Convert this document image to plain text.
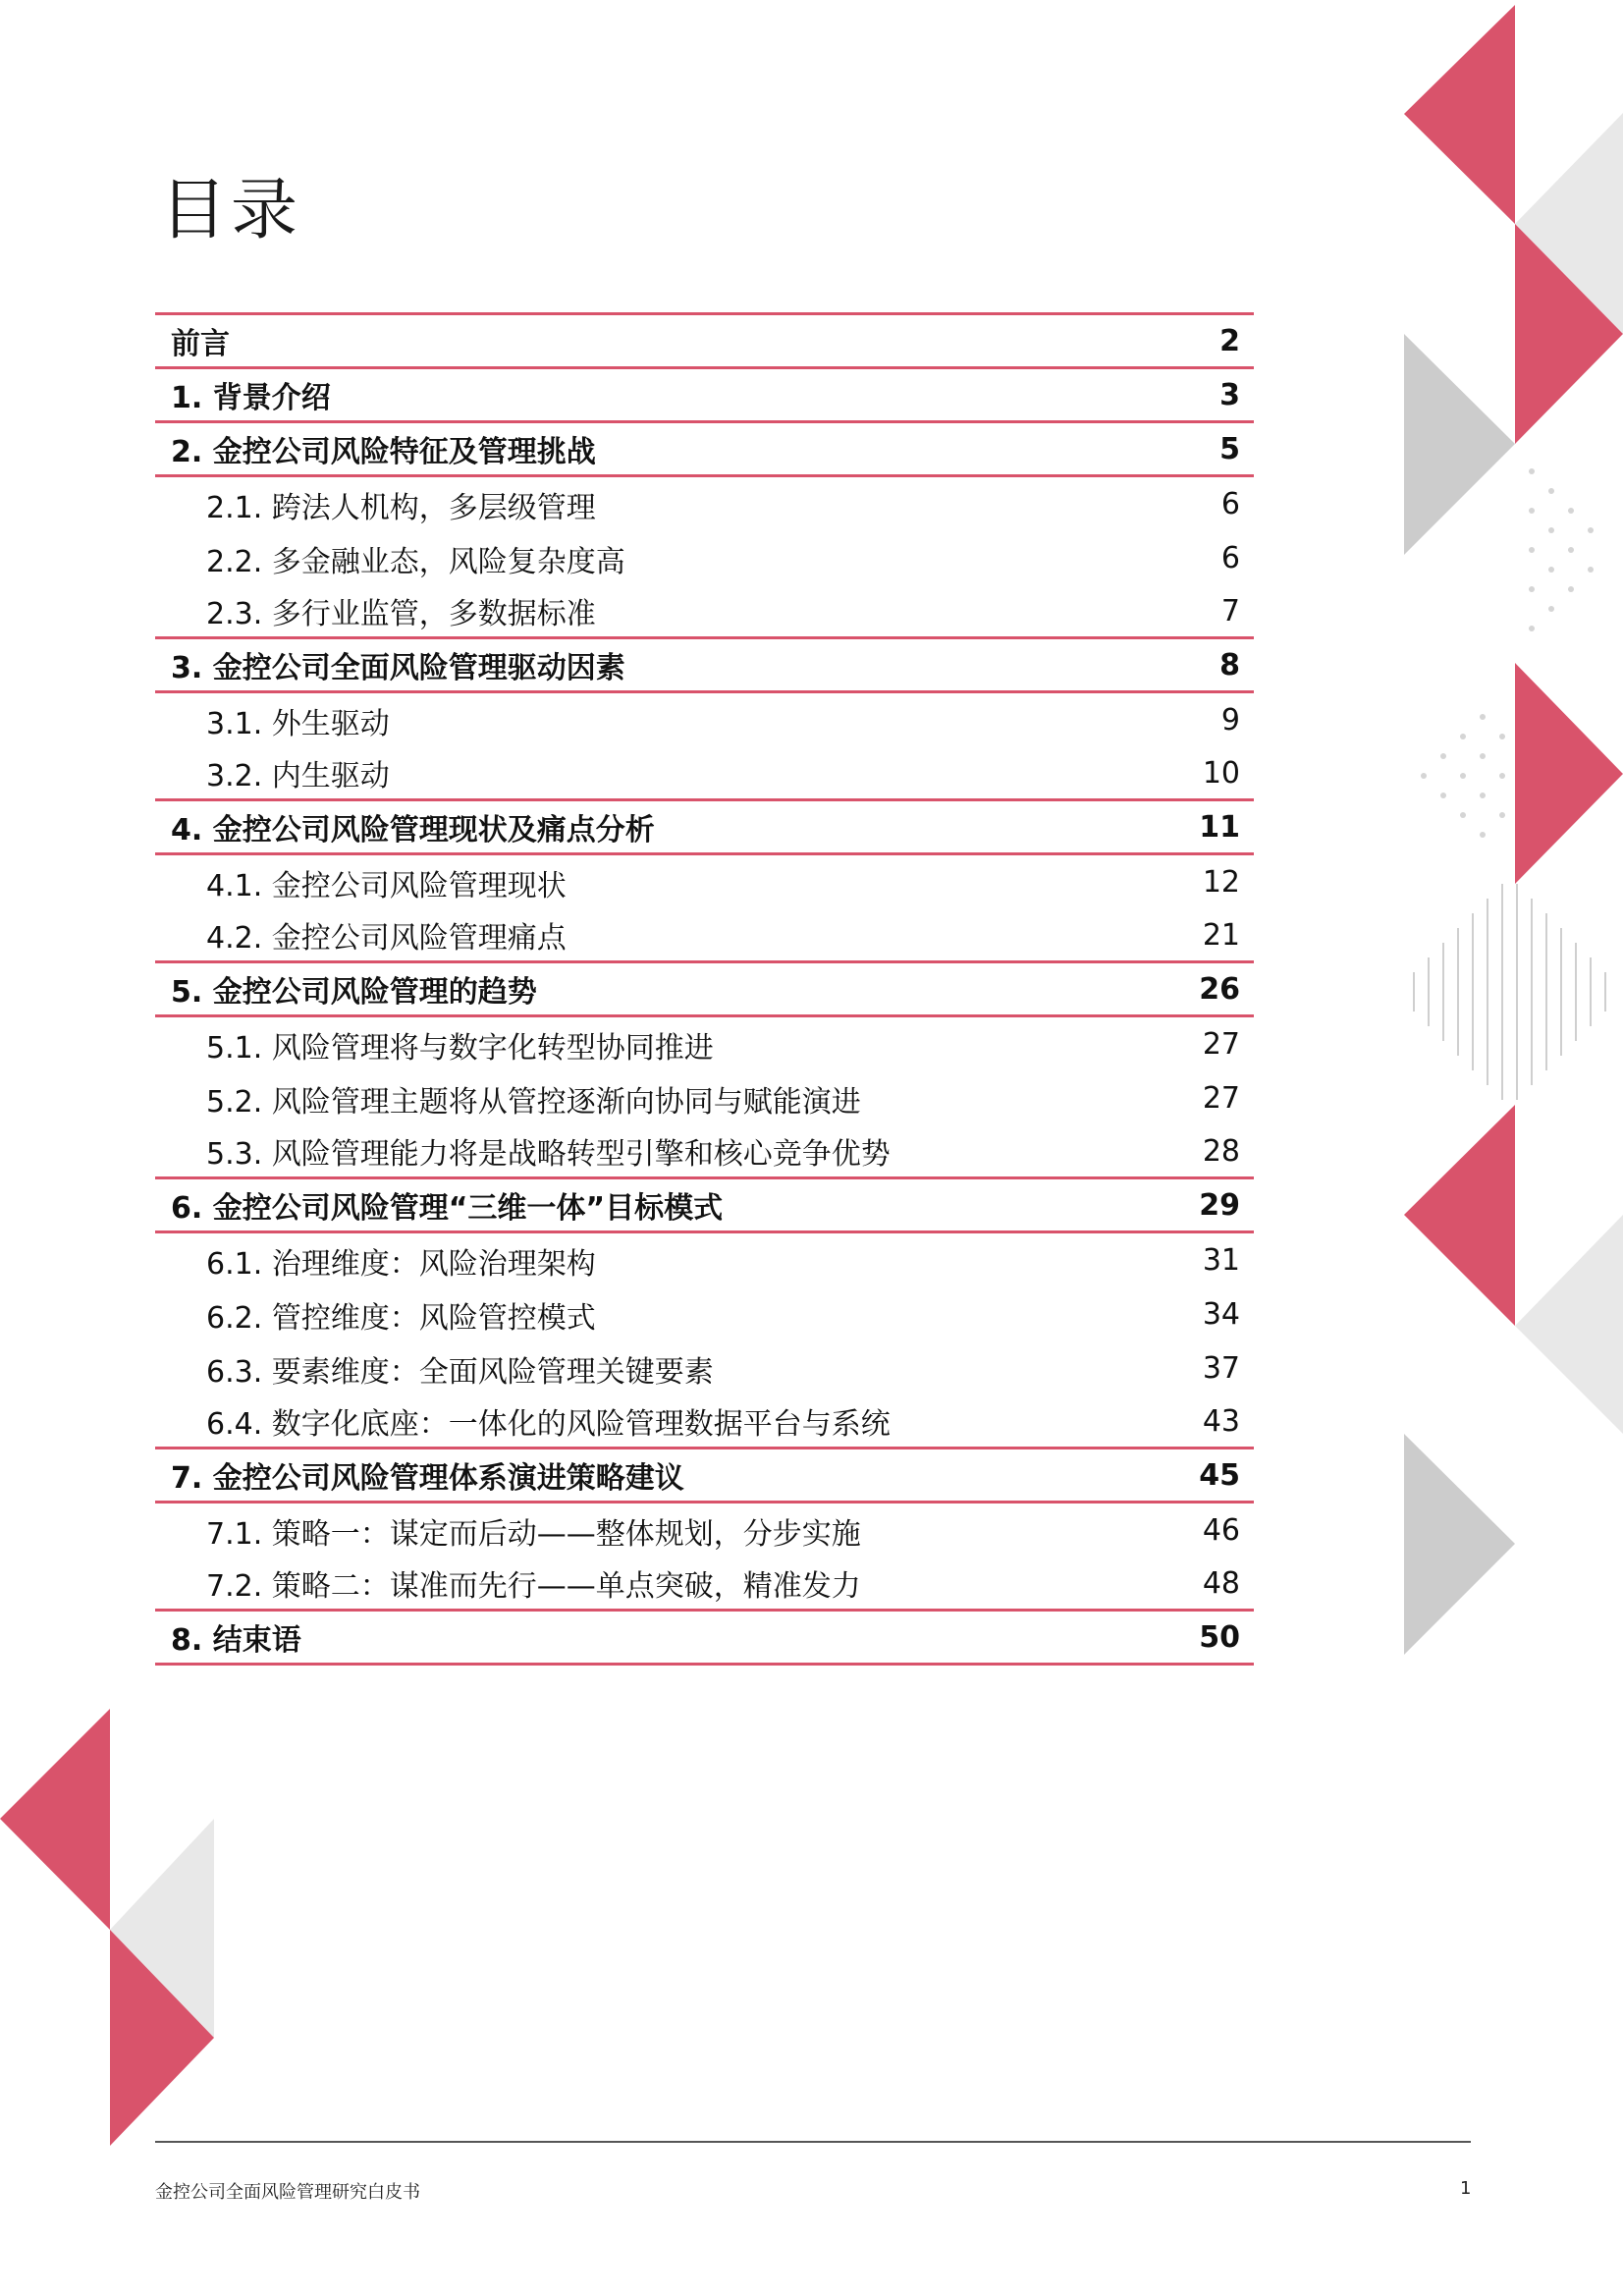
目录
前言	2
1. 背景介绍	3
2. 金控公司风险特征及管理挑战	5
2.1. 跨法人机构，多层级管理	6
2.2. 多金融业态，风险复杂度高	6
2.3. 多行业监管，多数据标准	7
3. 金控公司全面风险管理驱动因素	8
3.1. 外生驱动	9
3.2. 内生驱动	10
4. 金控公司风险管理现状及痛点分析	11
4.1. 金控公司风险管理现状	12
4.2. 金控公司风险管理痛点	21
5. 金控公司风险管理的趋势	26
5.1. 风险管理将与数字化转型协同推进	27
5.2. 风险管理主题将从管控逐渐向协同与赋能演进	27
5.3. 风险管理能力将是战略转型引擎和核心竞争优势	28
6. 金控公司风险管理“三维一体”目标模式	29
6.1. 治理维度：风险治理架构	31
6.2. 管控维度：风险管控模式	34
6.3. 要素维度：全面风险管理关键要素	37
6.4. 数字化底座：一体化的风险管理数据平台与系统	43
7. 金控公司风险管理体系演进策略建议	45
7.1. 策略一：谋定而后动——整体规划，分步实施	46
7.2. 策略二：谋准而先行——单点突破，精准发力	48
8. 结束语	50
金控公司全面风险管理研究白皮书	1
